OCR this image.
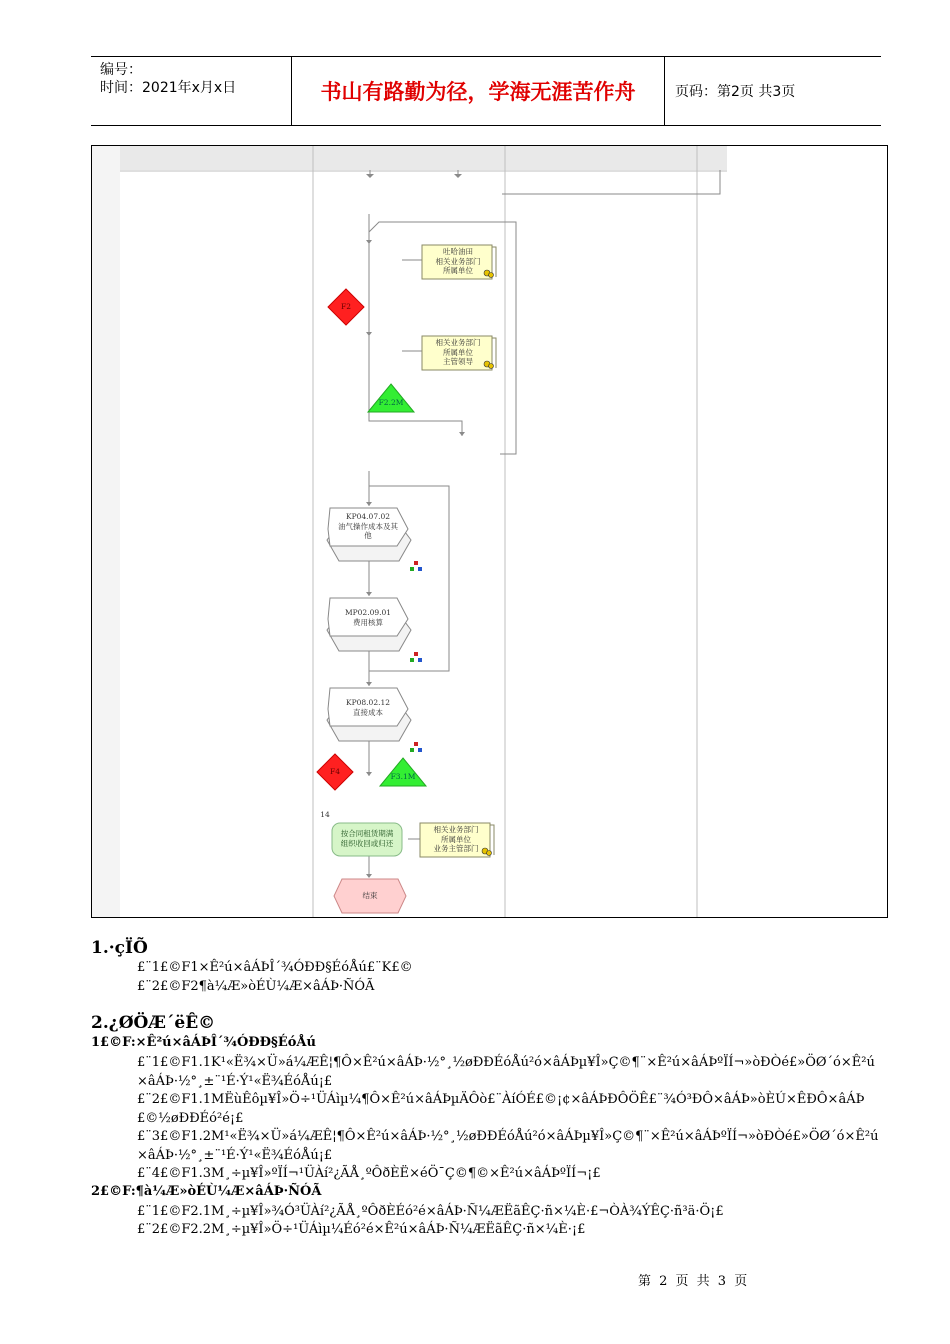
编号：
时间：2021年x月x日	书山有路勤为径，学海无涯苦作舟	页码：第2页 共3页
吐哈油田
相关业务部门
所属单位
相关业务部门
所属单位
主管领导
相关业务部门
所属单位
业务主管部门
KP04.07.02
油气操作成本及其
他
MP02.09.01
费用核算
KP08.02.12
直接成本
按合同租赁期满
组织收回或归还
结束
14
F2
F4
F2.2M
F3.1M
1.·çÏÕ
£¨1£©F1×Ê²ú×âÁÞÎ´¾ÓÐÐ§ÉóÅú£¨K£©
£¨2£©F2¶à¼Æ»òÉÙ¼Æ×âÁÞ·ÑÓÃ
2.¿ØÖÆ´ëÊ©
1£©F:×Ê²ú×âÁÞÎ´¾ÓÐÐ§ÉóÅú
£¨1£©F1.1K¹«Ë¾×Ü»á¼ÆÊ¦¶Ô×Ê²ú×âÁÞ·½°¸½øÐÐÉóÅú²ó×âÁÞµ¥Î»Ç©¶¨×Ê²ú×âÁÞºÏÍ¬»òÐÒé£»ÖØ´ó×Ê²ú×âÁÞ·½°¸±¨¹É·Ý¹«Ë¾ÉóÅú¡£
£¨2£©F1.1MËùÊôµ¥Î»Ö÷¹ÜÁìµ¼¶Ô×Ê²ú×âÁÞµÄÔò£¨ÀíÓÉ£©¡¢×âÁÞÐÔÖÊ£¨¾Ó³ÐÔ×âÁÞ»òÈÚ×ÊÐÔ×âÁÞ£©½øÐÐÉó²é¡£
£¨3£©F1.2M¹«Ë¾×Ü»á¼ÆÊ¦¶Ô×Ê²ú×âÁÞ·½°¸½øÐÐÉóÅú²ó×âÁÞµ¥Î»Ç©¶¨×Ê²ú×âÁÞºÏÍ¬»òÐÒé£»ÖØ´ó×Ê²ú×âÁÞ·½°¸±¨¹É·Ý¹«Ë¾ÉóÅú¡£
£¨4£©F1.3M¸÷µ¥Î»ºÏÍ¬¹ÜÀí²¿ÃÅ¸ºÔðÈË×éÖ¯Ç©¶©×Ê²ú×âÁÞºÏÍ¬¡£
2£©F:¶à¼Æ»òÉÙ¼Æ×âÁÞ·ÑÓÃ
£¨1£©F2.1M¸÷µ¥Î»¾Ó³ÜÀí²¿ÃÅ¸ºÔðÈÉó²é×âÁÞ·Ñ¼ÆËãÊÇ·ñ×¼È·£¬ÒÀ¾ÝÊÇ·ñ³ä·Ö¡£
£¨2£©F2.2M¸÷µ¥Î»Ö÷¹ÜÁìµ¼Éó²é×Ê²ú×âÁÞ·Ñ¼ÆËãÊÇ·ñ×¼È·¡£
第 2 页 共 3 页
